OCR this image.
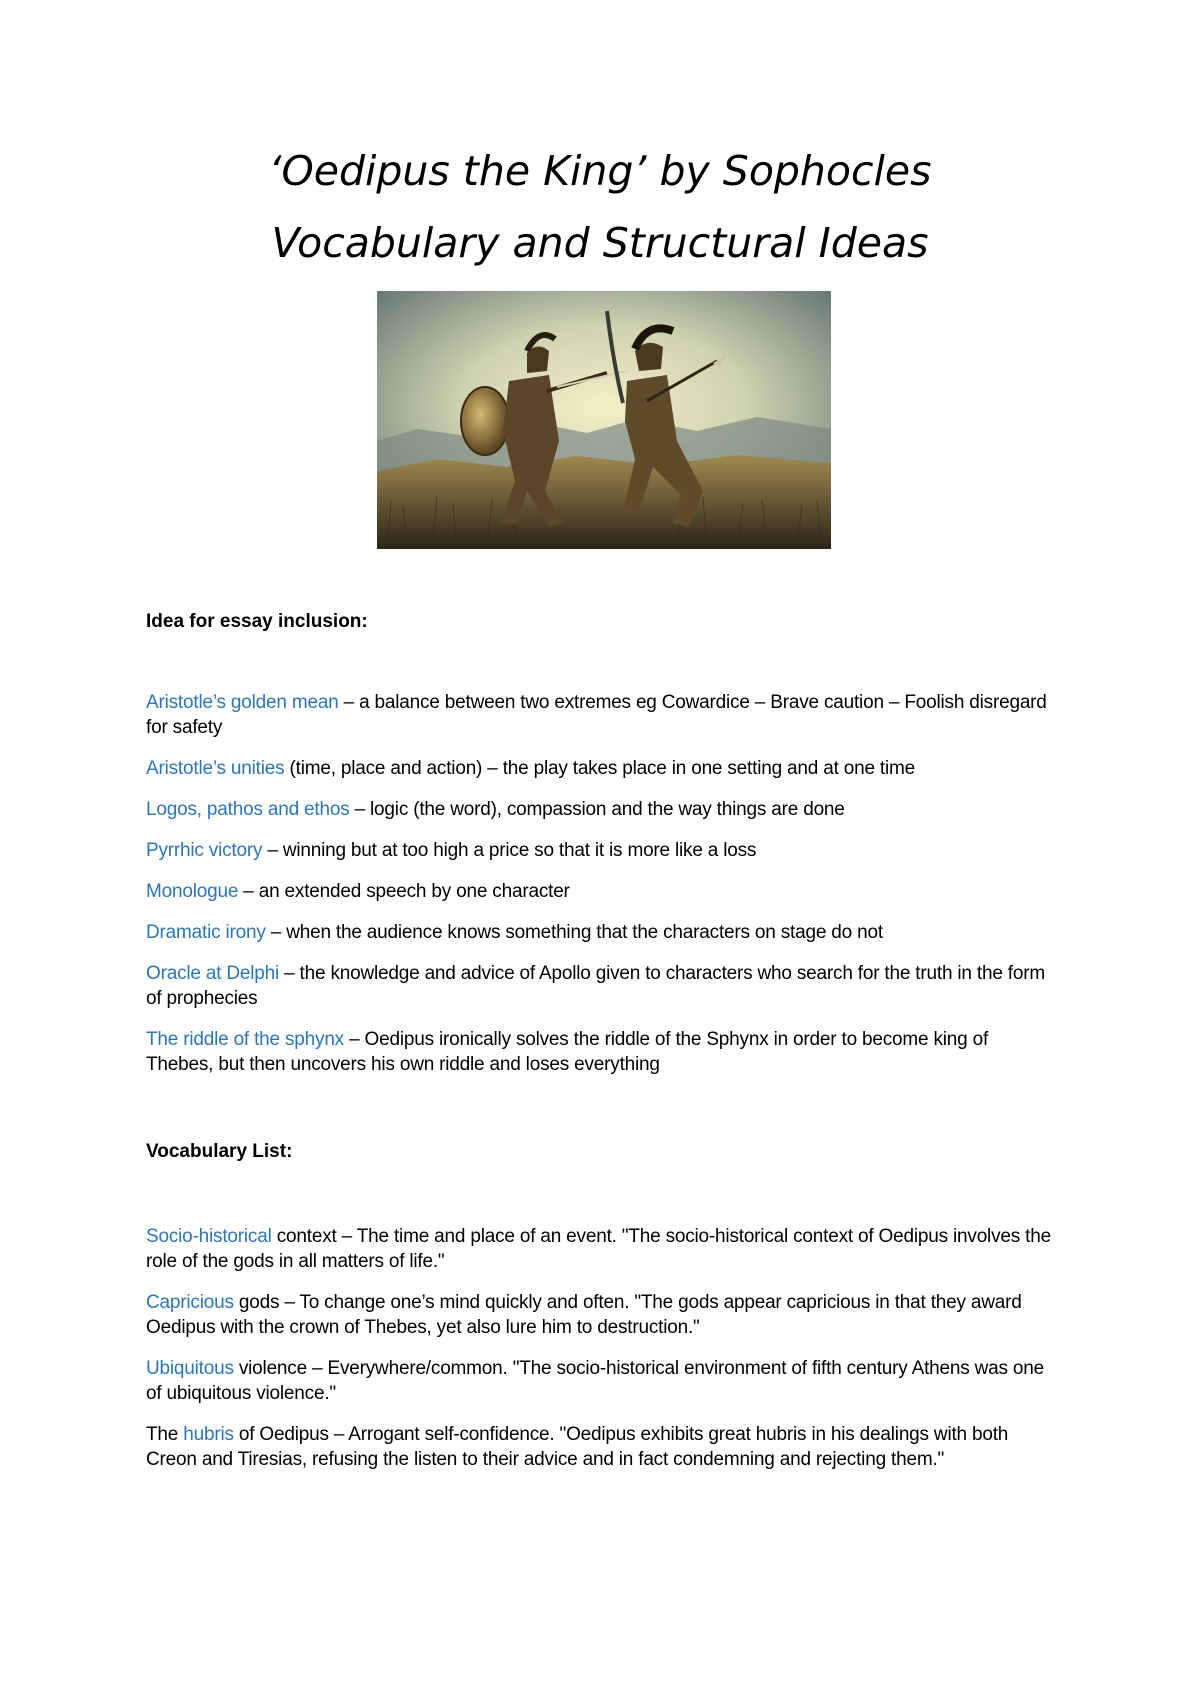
‘Oedipus the King’ by Sophocles
Vocabulary and Structural Ideas

Idea for essay inclusion:

Aristotle’s golden mean – a balance between two extremes eg Cowardice – Brave caution – Foolish disregard for safety
Aristotle’s unities (time, place and action) – the play takes place in one setting and at one time
Logos, pathos and ethos – logic (the word), compassion and the way things are done
Pyrrhic victory – winning but at too high a price so that it is more like a loss
Monologue – an extended speech by one character
Dramatic irony – when the audience knows something that the characters on stage do not
Oracle at Delphi – the knowledge and advice of Apollo given to characters who search for the truth in the form of prophecies
The riddle of the sphynx – Oedipus ironically solves the riddle of the Sphynx in order to become king of Thebes, but then uncovers his own riddle and loses everything

Vocabulary List:

Socio-historical context – The time and place of an event. "The socio-historical context of Oedipus involves the role of the gods in all matters of life."
Capricious gods – To change one’s mind quickly and often. "The gods appear capricious in that they award Oedipus with the crown of Thebes, yet also lure him to destruction."
Ubiquitous violence – Everywhere/common. "The socio-historical environment of fifth century Athens was one of ubiquitous violence."
The hubris of Oedipus – Arrogant self-confidence. "Oedipus exhibits great hubris in his dealings with both Creon and Tiresias, refusing the listen to their advice and in fact condemning and rejecting them."
